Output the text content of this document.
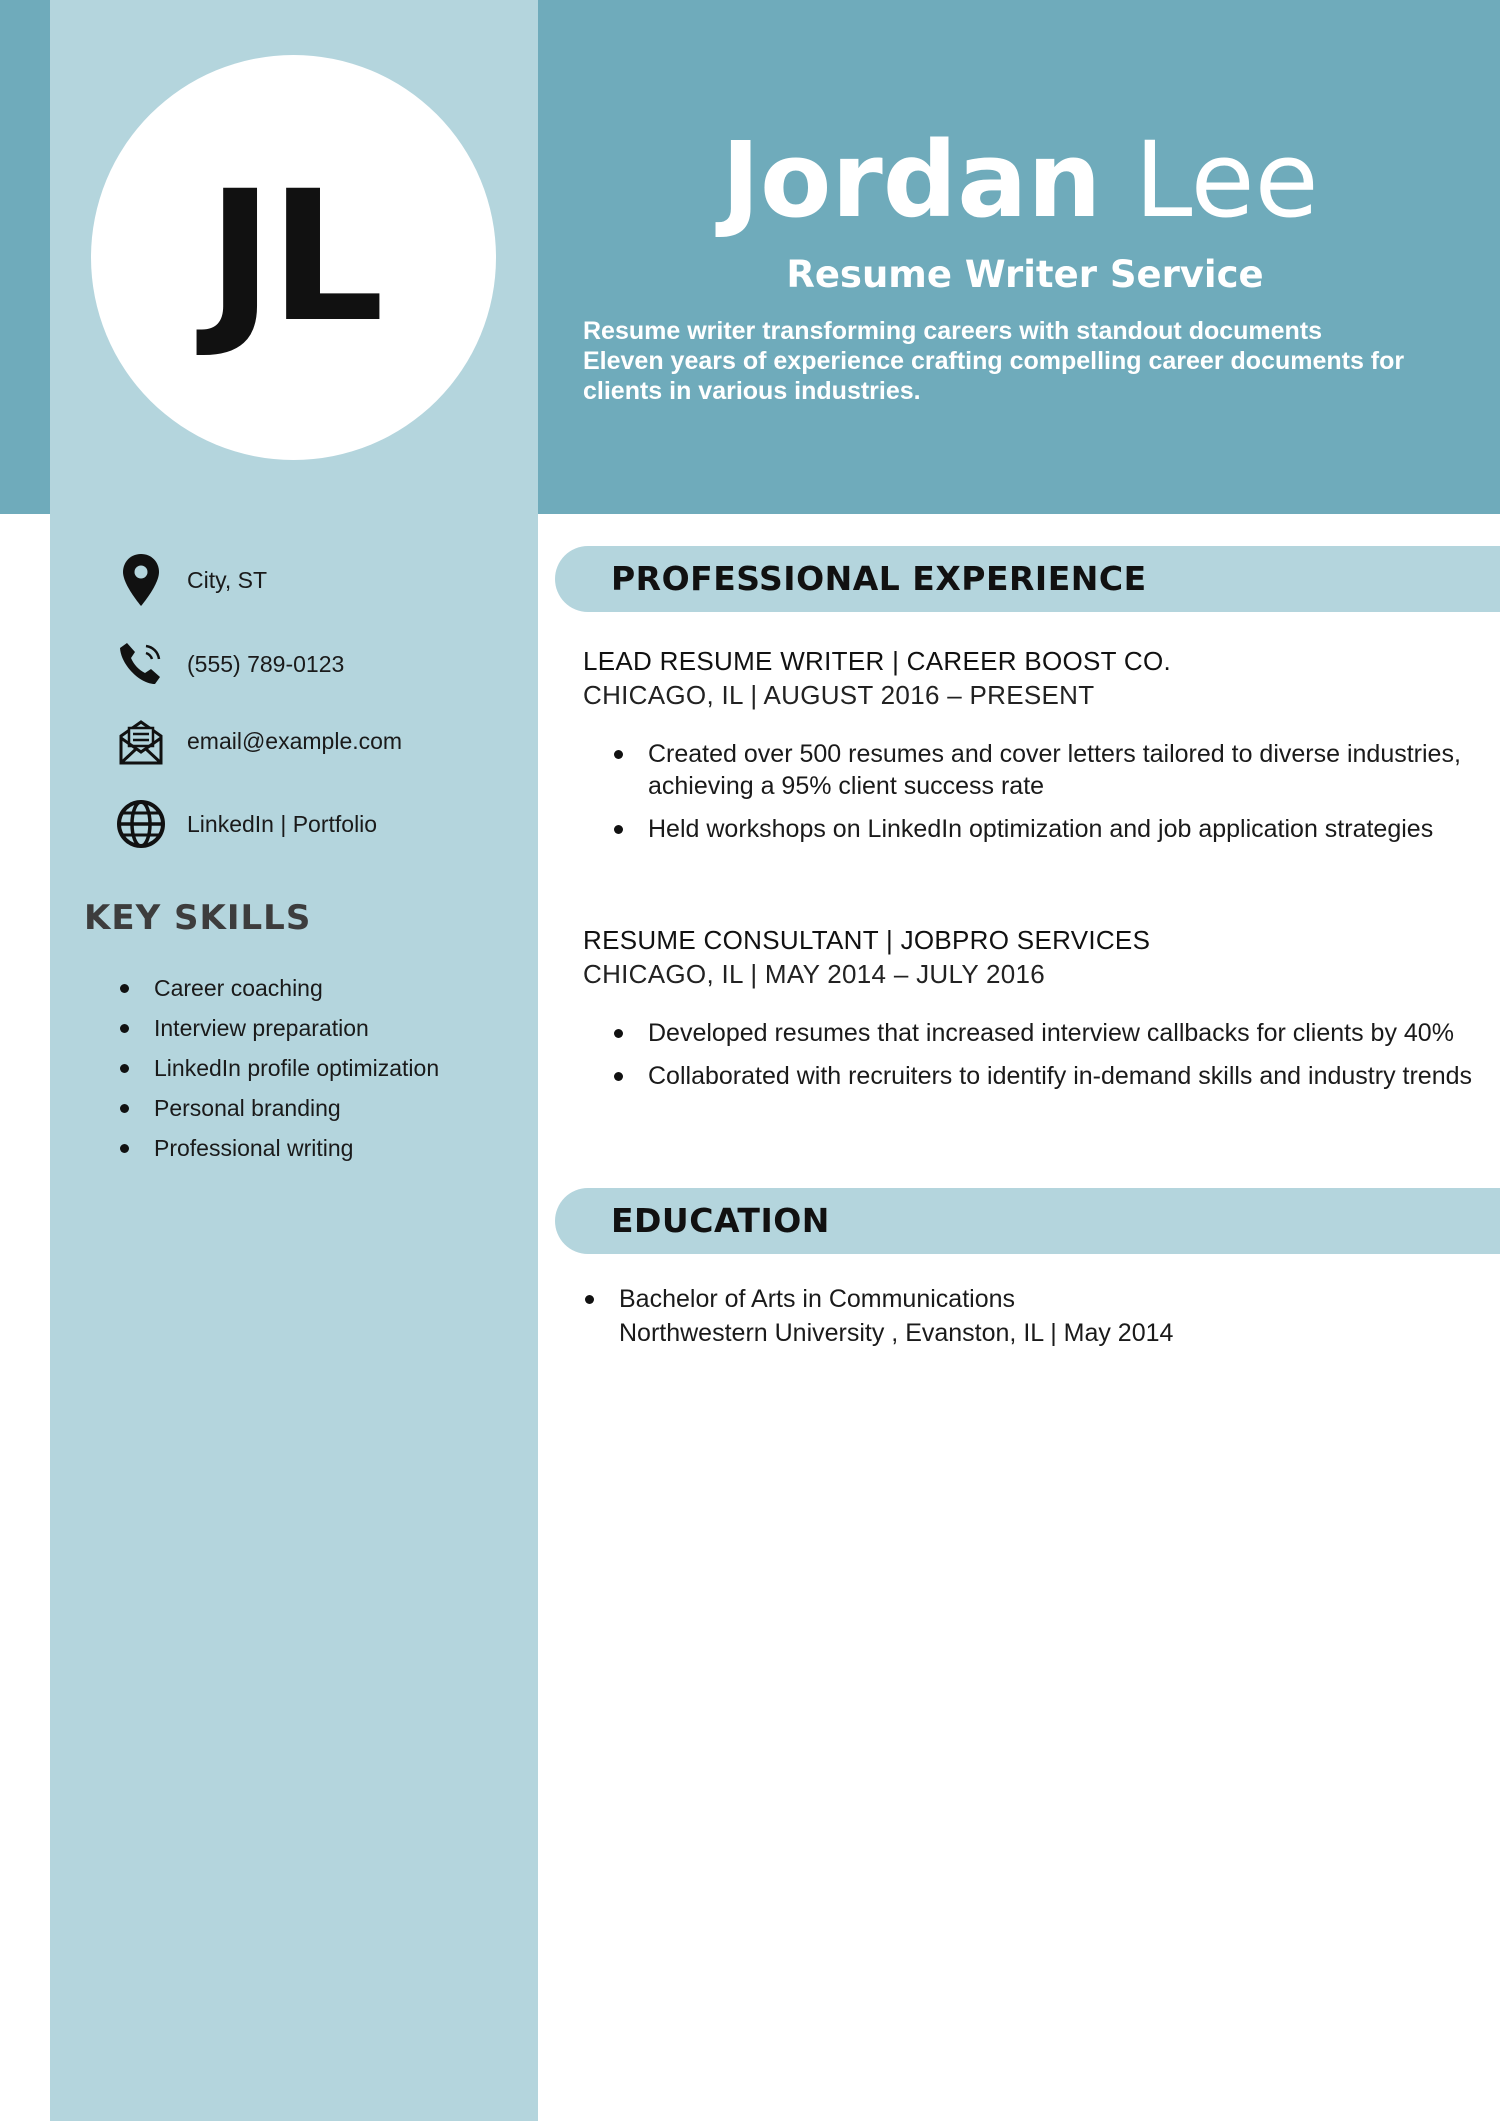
JL	Jordan Lee
Resume Writer Service
Resume writer transforming careers with standout documents
Eleven years of experience crafting compelling career documents for
clients in various industries.
City, ST
(555) 789-0123
email@example.com
LinkedIn | Portfolio
KEY SKILLS
Career coaching
Interview preparation
LinkedIn profile optimization
Personal branding
Professional writing
PROFESSIONAL EXPERIENCE
LEAD RESUME WRITER | CAREER BOOST CO.
CHICAGO, IL | AUGUST 2016 – PRESENT
Created over 500 resumes and cover letters tailored to diverse industries, achieving a 95% client success rate
Held workshops on LinkedIn optimization and job application strategies
RESUME CONSULTANT | JOBPRO SERVICES
CHICAGO, IL | MAY 2014 – JULY 2016
Developed resumes that increased interview callbacks for clients by 40%
Collaborated with recruiters to identify in-demand skills and industry trends
EDUCATION
Bachelor of Arts in Communications
Northwestern University , Evanston, IL | May 2014
